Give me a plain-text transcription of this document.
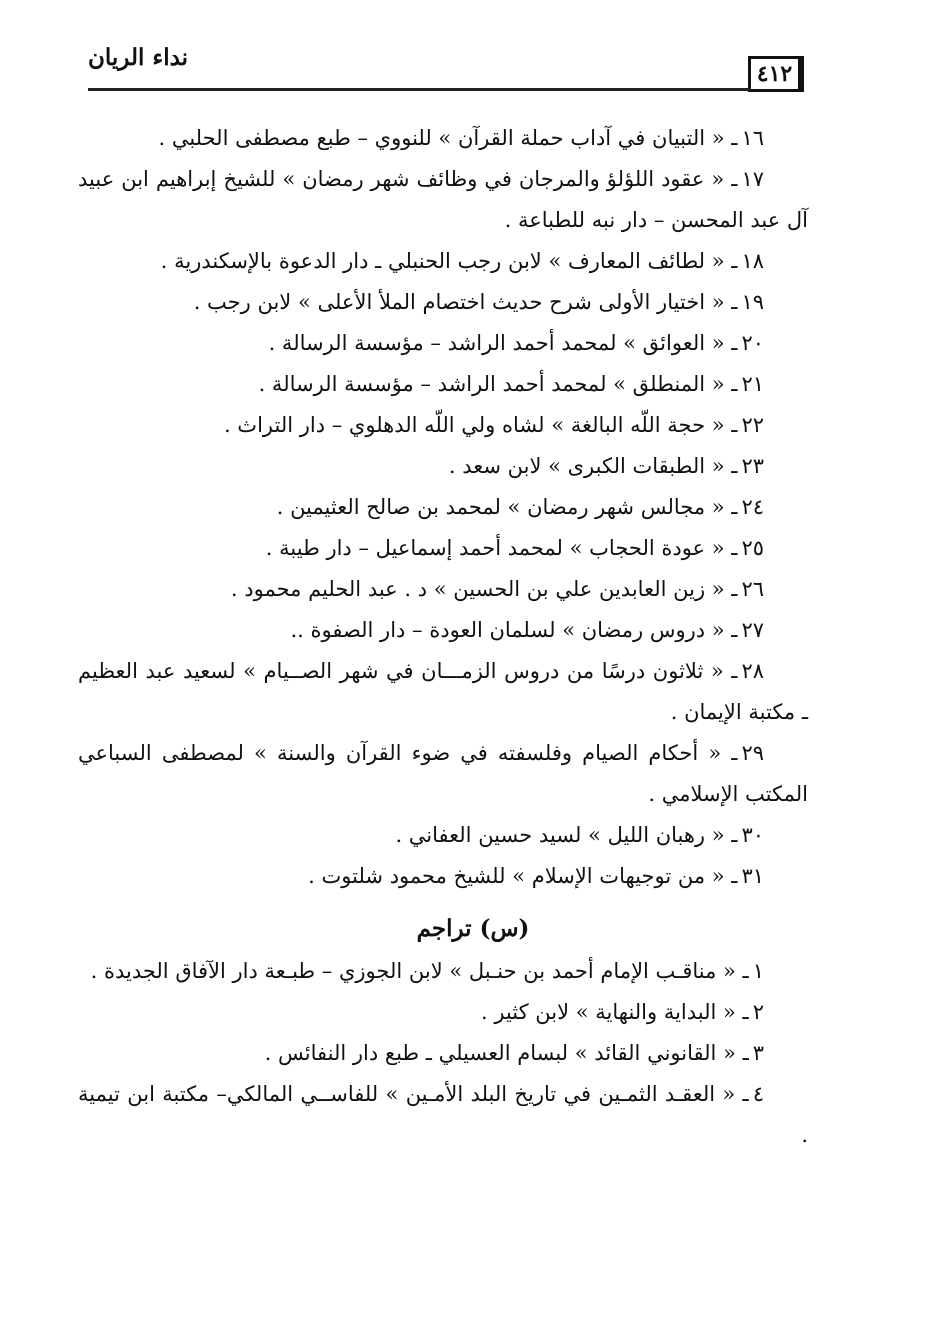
نداء الريان
٤١٢
١٦ـ « التبيان في آداب حملة القرآن » للنووي – طبع مصطفى الحلبي .
١٧ـ « عقود اللؤلؤ والمرجان في وظائف شهر رمضان » للشيخ إبراهيم ابن عبيد آل عبد المحسن – دار نبه للطباعة .
١٨ـ « لطائف المعارف » لابن رجب الحنبلي ـ دار الدعوة بالإسكندرية .
١٩ـ « اختيار الأولى شرح حديث اختصام الملأ الأعلى » لابن رجب .
٢٠ـ « العوائق » لمحمد أحمد الراشد – مؤسسة الرسالة .
٢١ـ « المنطلق » لمحمد أحمد الراشد – مؤسسة الرسالة .
٢٢ـ « حجة اللّه البالغة » لشاه ولي اللّه الدهلوي – دار التراث .
٢٣ـ « الطبقات الكبرى » لابن سعد .
٢٤ـ « مجالس شهر رمضان » لمحمد بن صالح العثيمين .
٢٥ـ « عودة الحجاب » لمحمد أحمد إسماعيل – دار طيبة .
٢٦ـ « زين العابدين علي بن الحسين » د . عبد الحليم محمود .
٢٧ـ « دروس رمضان » لسلمان العودة – دار الصفوة ..
٢٨ـ « ثلاثون درسًا من دروس الزمـــان في شهر الصــيام » لسعيد عبد العظيم ـ مكتبة الإيمان .
٢٩ـ « أحكام الصيام وفلسفته في ضوء القرآن والسنة » لمصطفى السباعي المكتب الإسلامي .
٣٠ـ « رهبان الليل » لسيد حسين العفاني .
٣١ـ « من توجيهات الإسلام » للشيخ محمود شلتوت .
(س) تراجم
١ـ « مناقـب الإمام أحمد بن حنـبل » لابن الجوزي – طبـعة دار الآفاق الجديدة .
٢ـ « البداية والنهاية » لابن كثير .
٣ـ « القانوني القائد » لبسام العسيلي ـ طبع دار النفائس .
٤ـ « العقـد الثمـين في تاريخ البلد الأمـين » للفاســي المالكي– مكتبة ابن تيمية .
